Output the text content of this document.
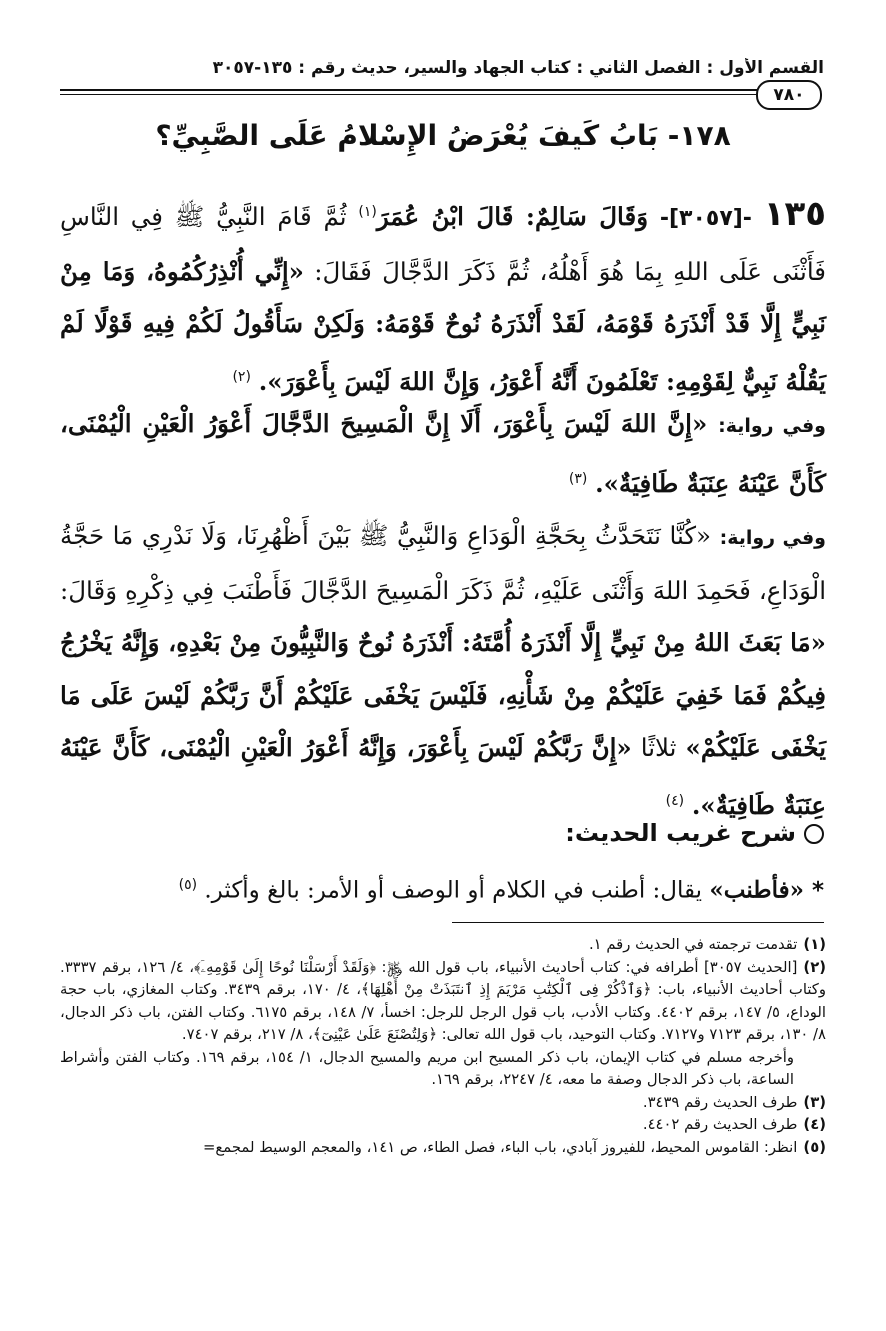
القسم الأول : الفصل الثاني : كتاب الجهاد والسير، حديث رقم : ١٣٥-٣٠٥٧
٧٨٠
١٧٨- بَابُ كَيفَ يُعْرَضُ الإِسْلامُ عَلَى الصَّبِيِّ؟
١٣٥ -[٣٠٥٧]- وَقَالَ سَالِمٌ: قَالَ ابْنُ عُمَرَ$^{(١)}$ ثُمَّ قَامَ النَّبِيُّ ﷺ فِي النَّاسِ فَأَثْنَى عَلَى اللهِ بِمَا هُوَ أَهْلُهُ، ثُمَّ ذَكَرَ الدَّجَّالَ فَقَالَ: «إِنِّي أُنْذِرُكُمُوهُ، وَمَا مِنْ نَبِيٍّ إِلَّا قَدْ أَنْذَرَهُ قَوْمَهُ، لَقَدْ أَنْذَرَهُ نُوحٌ قَوْمَهُ: وَلَكِنْ سَأَقُولُ لَكُمْ فِيهِ قَوْلًا لَمْ يَقُلْهُ نَبِيٌّ لِقَوْمِهِ: تَعْلَمُونَ أَنَّهُ أَعْوَرُ، وَإِنَّ اللهَ لَيْسَ بِأَعْوَرَ». $^{(٢)}$
وفي رواية: «إِنَّ اللهَ لَيْسَ بِأَعْوَرَ، أَلَا إِنَّ الْمَسِيحَ الدَّجَّالَ أَعْوَرُ الْعَيْنِ الْيُمْنَى، كَأَنَّ عَيْنَهُ عِنَبَةٌ طَافِيَةٌ». $^{(٣)}$
وفي رواية: «كُنَّا نَتَحَدَّثُ بِحَجَّةِ الْوَدَاعِ وَالنَّبِيُّ ﷺ بَيْنَ أَظْهُرِنَا، وَلَا نَدْرِي مَا حَجَّةُ الْوَدَاعِ، فَحَمِدَ اللهَ وَأَثْنَى عَلَيْهِ، ثُمَّ ذَكَرَ الْمَسِيحَ الدَّجَّالَ فَأَطْنَبَ فِي ذِكْرِهِ وَقَالَ: «مَا بَعَثَ اللهُ مِنْ نَبِيٍّ إِلَّا أَنْذَرَهُ أُمَّتَهُ: أَنْذَرَهُ نُوحٌ وَالنَّبِيُّونَ مِنْ بَعْدِهِ، وَإِنَّهُ يَخْرُجُ فِيكُمْ فَمَا خَفِيَ عَلَيْكُمْ مِنْ شَأْنِهِ، فَلَيْسَ يَخْفَى عَلَيْكُمْ أَنَّ رَبَّكُمْ لَيْسَ عَلَى مَا يَخْفَى عَلَيْكُمْ» ثلاثًا «إِنَّ رَبَّكُمْ لَيْسَ بِأَعْوَرَ، وَإِنَّهُ أَعْوَرُ الْعَيْنِ الْيُمْنَى، كَأَنَّ عَيْنَهُ عِنَبَةٌ طَافِيَةٌ». $^{(٤)}$
شرح غريب الحديث:
*«فأطنب» يقال: أطنب في الكلام أو الوصف أو الأمر: بالغ وأكثر. $^{(٥)}$
(١)تقدمت ترجمته في الحديث رقم ١.
(٢)[الحديث ٣٠٥٧] أطرافه في: كتاب أحاديث الأنبياء، باب قول الله ﷿: ﴿وَلَقَدْ أَرْسَلْنَا نُوحًا إِلَىٰ قَوْمِهِۦٓ﴾، ٤/ ١٢٦، برقم ٣٣٣٧. وكتاب أحاديث الأنبياء، باب: ﴿وَٱذْكُرْ فِى ٱلْكِتَٰبِ مَرْيَمَ إِذِ ٱنتَبَذَتْ مِنْ أَهْلِهَا﴾، ٤/ ١٧٠، برقم ٣٤٣٩. وكتاب المغازي، باب حجة الوداع، ٥/ ١٤٧، برقم ٤٤٠٢. وكتاب الأدب، باب قول الرجل للرجل: اخسأ، ٧/ ١٤٨، برقم ٦١٧٥. وكتاب الفتن، باب ذكر الدجال، ٨/ ١٣٠، برقم ٧١٢٣ و٧١٢٧. وكتاب التوحيد، باب قول الله تعالى: ﴿وَلِتُصْنَعَ عَلَىٰ عَيْنِىٓ﴾، ٨/ ٢١٧، برقم ٧٤٠٧.
وأخرجه مسلم في كتاب الإيمان، باب ذكر المسيح ابن مريم والمسيح الدجال، ١/ ١٥٤، برقم ١٦٩. وكتاب الفتن وأشراط الساعة، باب ذكر الدجال وصفة ما معه، ٤/ ٢٢٤٧، برقم ١٦٩.
(٣)طرف الحديث رقم ٣٤٣٩.
(٤)طرف الحديث رقم ٤٤٠٢.
(٥)انظر: القاموس المحيط، للفيروز آبادي، باب الباء، فصل الطاء، ص ١٤١، والمعجم الوسيط لمجمع=
